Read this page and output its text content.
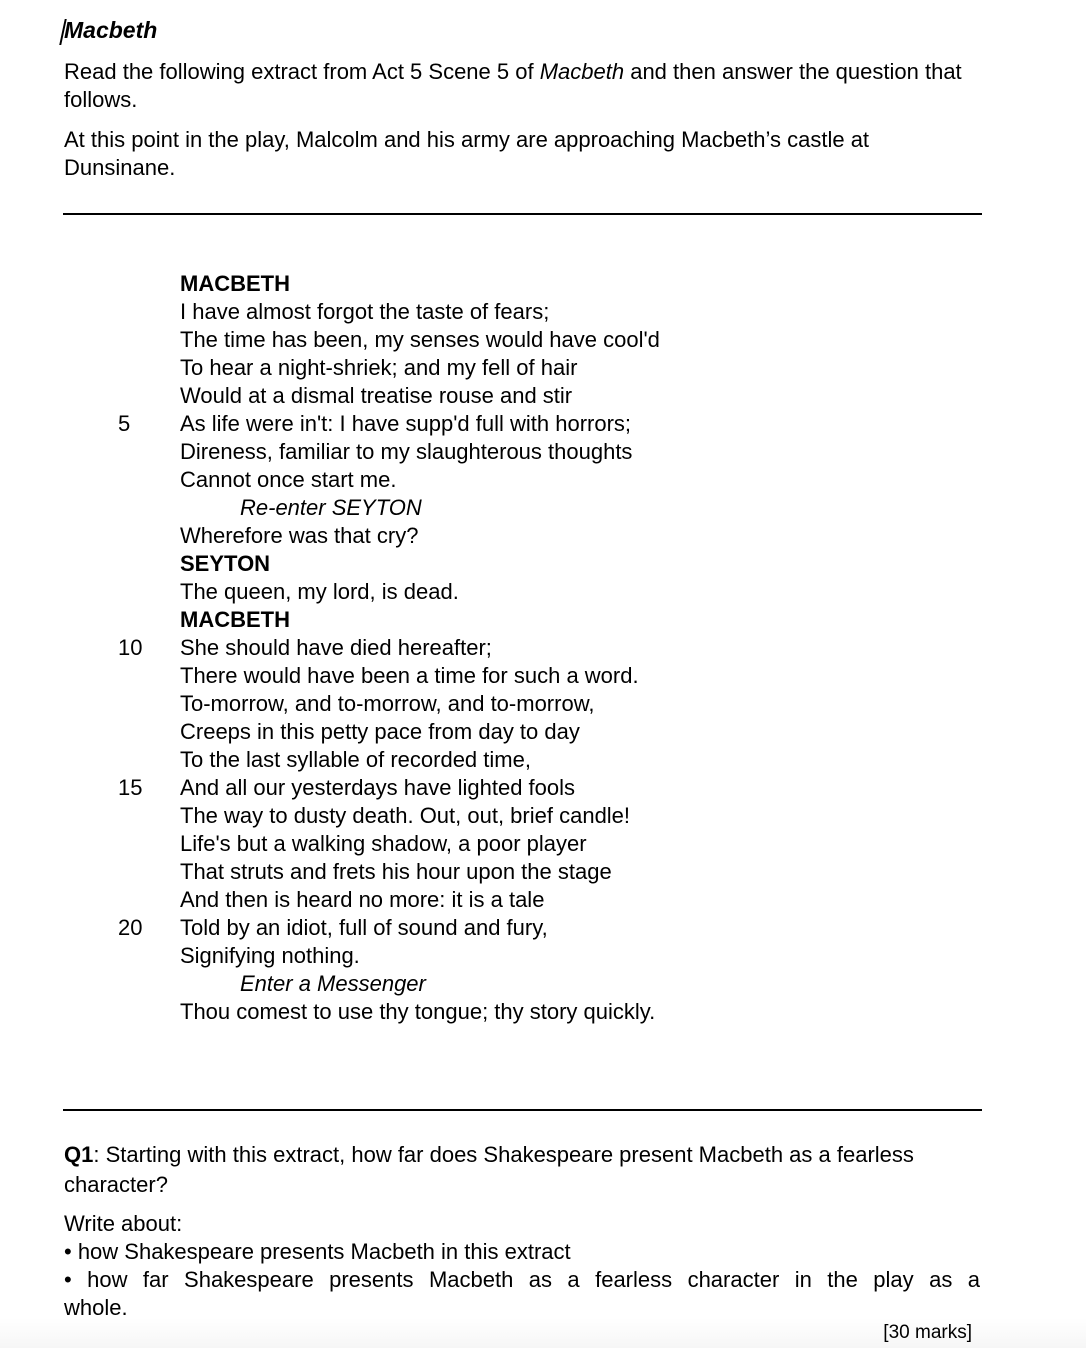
Macbeth
Read the following extract from Act 5 Scene 5 of Macbeth and then answer the question that follows.
At this point in the play, Malcolm and his army are approaching Macbeth’s castle at Dunsinane.
MACBETH
I have almost forgot the taste of fears;
The time has been, my senses would have cool'd
To hear a night-shriek; and my fell of hair
Would at a dismal treatise rouse and stir
5 As life were in't: I have supp'd full with horrors;
Direness, familiar to my slaughterous thoughts
Cannot once start me.
Re-enter SEYTON
Wherefore was that cry?
SEYTON
The queen, my lord, is dead.
MACBETH
10 She should have died hereafter;
There would have been a time for such a word.
To-morrow, and to-morrow, and to-morrow,
Creeps in this petty pace from day to day
To the last syllable of recorded time,
15 And all our yesterdays have lighted fools
The way to dusty death. Out, out, brief candle!
Life's but a walking shadow, a poor player
That struts and frets his hour upon the stage
And then is heard no more: it is a tale
20 Told by an idiot, full of sound and fury,
Signifying nothing.
Enter a Messenger
Thou comest to use thy tongue; thy story quickly.
Q1: Starting with this extract, how far does Shakespeare present Macbeth as a fearless character?
Write about:
• how Shakespeare presents Macbeth in this extract
• how far Shakespeare presents Macbeth as a fearless character in the play as a
whole.
[30 marks]
